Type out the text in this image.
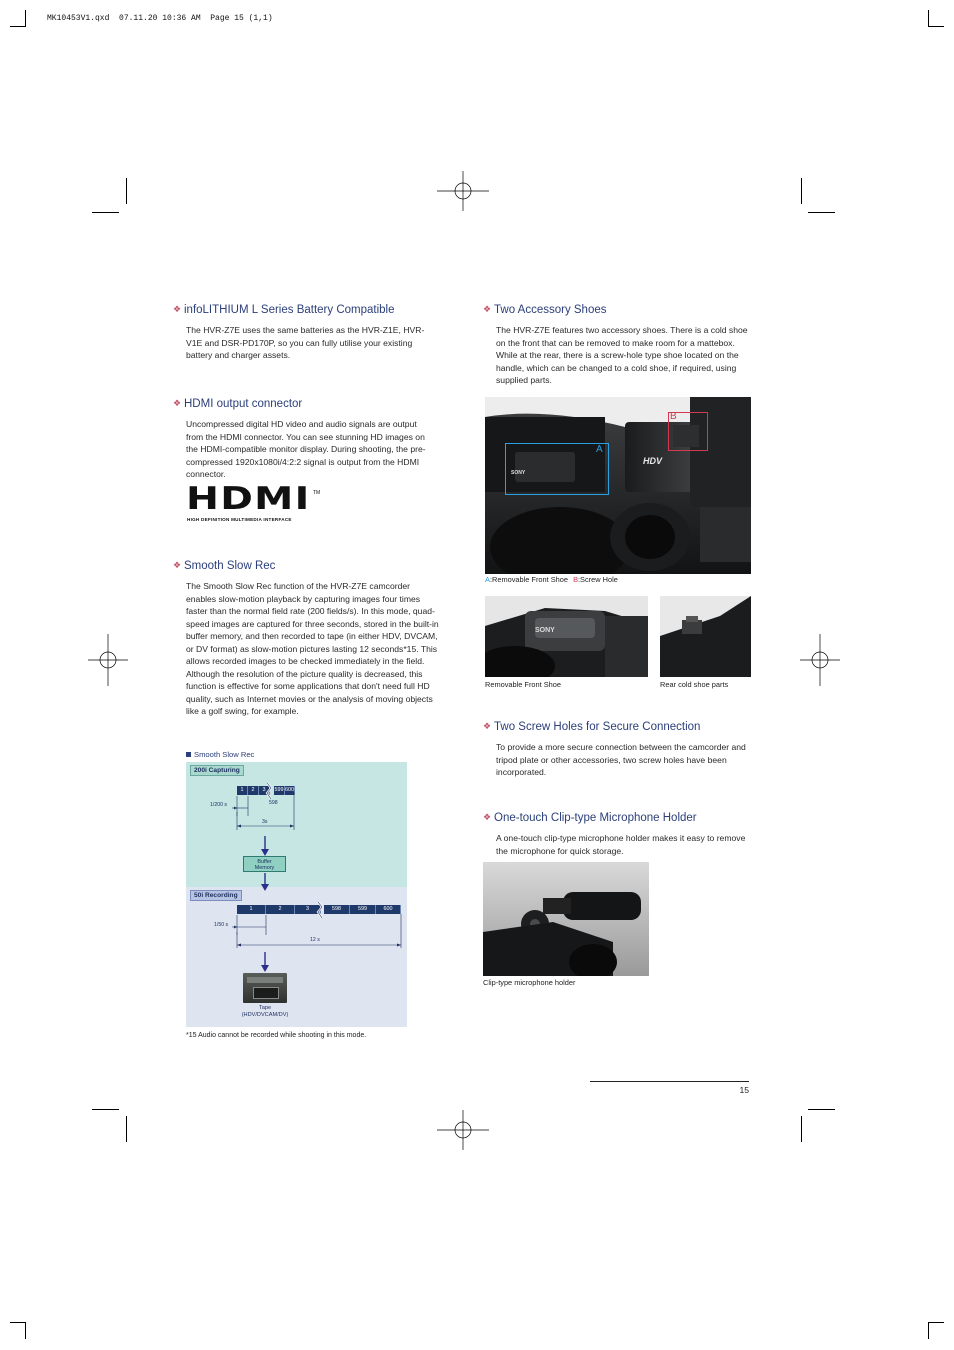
MK10453V1.qxd  07.11.20 10:36 AM  Page 15 (1,1)
❖ infoLITHIUM L Series Battery Compatible
The HVR-Z7E uses the same batteries as the HVR-Z1E, HVR-V1E and DSR-PD170P, so you can fully utilise your existing battery and charger assets.
❖ HDMI output connector
Uncompressed digital HD video and audio signals are output from the HDMI connector. You can see stunning HD images on the HDMI-compatible monitor display. During shooting, the pre-compressed 1920x1080i/4:2:2 signal is output from the HDMI connector.
HDMI TM
HIGH DEFINITION MULTIMEDIA INTERFACE
❖ Smooth Slow Rec
The Smooth Slow Rec function of the HVR-Z7E camcorder enables slow-motion playback by capturing images four times faster than the normal field rate (200 fields/s). In this mode, quad-speed images are captured for three seconds, stored in the built-in buffer memory, and then recorded to tape (in either HDV, DVCAM, or DV format) as slow-motion pictures lasting 12 seconds*15. This allows recorded images to be checked immediately in the field. Although the resolution of the picture quality is decreased, this function is effective for some applications that don't need full HD quality, such as Internet movies or the analysis of moving objects like a golf swing, for example.
Smooth Slow Rec
200i Capturing
1	2	3	599 600
598
1/200 s
3s
Buffer
Memory
50i Recording
1	2	3	598	599	600
1/50 s
12 s
Tape
(HDV/DVCAM/DV)
*15 Audio cannot be recorded while shooting in this mode.
❖ Two Accessory Shoes
The HVR-Z7E features two accessory shoes. There is a cold shoe on the front that can be removed to make room for a mattebox. While at the rear, there is a screw-hole type shoe located on the handle, which can be changed to a cold shoe, if required, using supplied parts.
HDV
SONY
A
B
A:Removable Front Shoe B:Screw Hole
SONY
Removable Front Shoe	Rear cold shoe parts
❖ Two Screw Holes for Secure Connection
To provide a more secure connection between the camcorder and tripod plate or other accessories, two screw holes have been incorporated.
❖ One-touch Clip-type Microphone Holder
A one-touch clip-type microphone holder makes it easy to remove the microphone for quick storage.
Clip-type microphone holder
15
